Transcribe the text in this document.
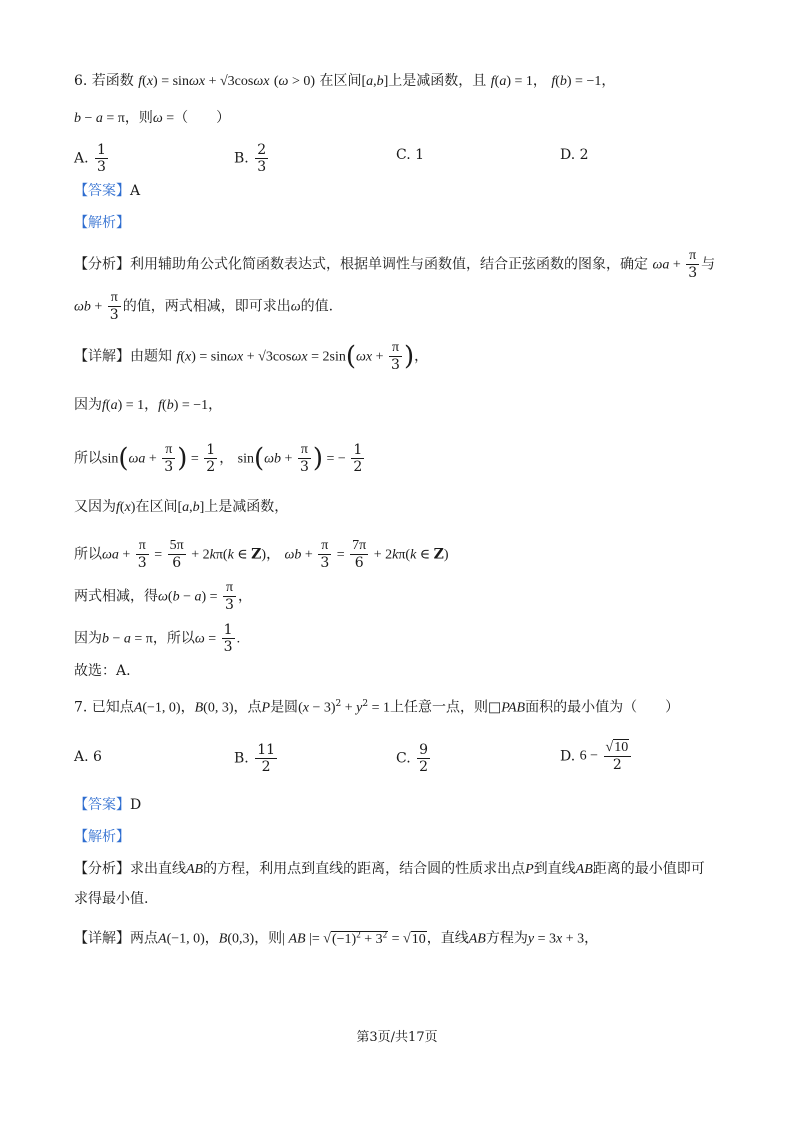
6. 若函数 f(x) = sinωx + √3cosωx (ω > 0) 在区间[a,b]上是减函数，且 f(a) = 1， f(b) = −1，
b − a = π，则ω =（　　）
A. $\frac{1}{3}$	B. $\frac{2}{3}$	C. 1	D. 2
【答案】A
【解析】
【分析】利用辅助角公式化简函数表达式，根据单调性与函数值，结合正弦函数的图象，确定 $\omega a + \frac{\pi}{3}$ 与
$\omega b + \frac{\pi}{3}$ 的值，两式相减，即可求出ω的值.
【详解】由题知 $f(x) = \sin\omega x + √3\cos\omega x = 2\sin(\omega x + \frac{\pi}{3}$ )，
因为f(a) = 1，f(b) = −1，
所以$\sin(\omega a + \frac{\pi}{3}$ ) = $\frac{1}{2}$ ， $\sin(\omega b + \frac{\pi}{3}$ ) = − $\frac{1}{2}$
又因为f(x)在区间[a,b]上是减函数，
所以$\omega a + \frac{\pi}{3} = \frac{5\pi}{6} + 2k\pi(k$ ∈ Z)， $\omega b + \frac{\pi}{3} = \frac{7\pi}{6} + 2k\pi(k$ ∈ Z)
两式相减，得$\omega(b - a) = \frac{\pi}{3}$ ，
因为b − a = π，所以$\omega = \frac{1}{3}$ .
故选：A.
7. 已知点A(−1, 0)，B(0, 3)，点P是圆$(x - 3)^2 + y^2 = 1$上任意一点，则□PAB面积的最小值为（　　）
A. 6	B. $\frac{11}{2}$	C. $\frac{9}{2}$	D. $6 - \frac{√10}{2}$
【答案】D
【解析】
【分析】求出直线AB的方程，利用点到直线的距离，结合圆的性质求出点P到直线AB距离的最小值即可
求得最小值.
【详解】两点A(−1, 0)，B(0,3)，则| AB |= $√(-1)^2 + 3^2 = √10$，直线AB方程为y = 3x + 3，
第3页/共17页
